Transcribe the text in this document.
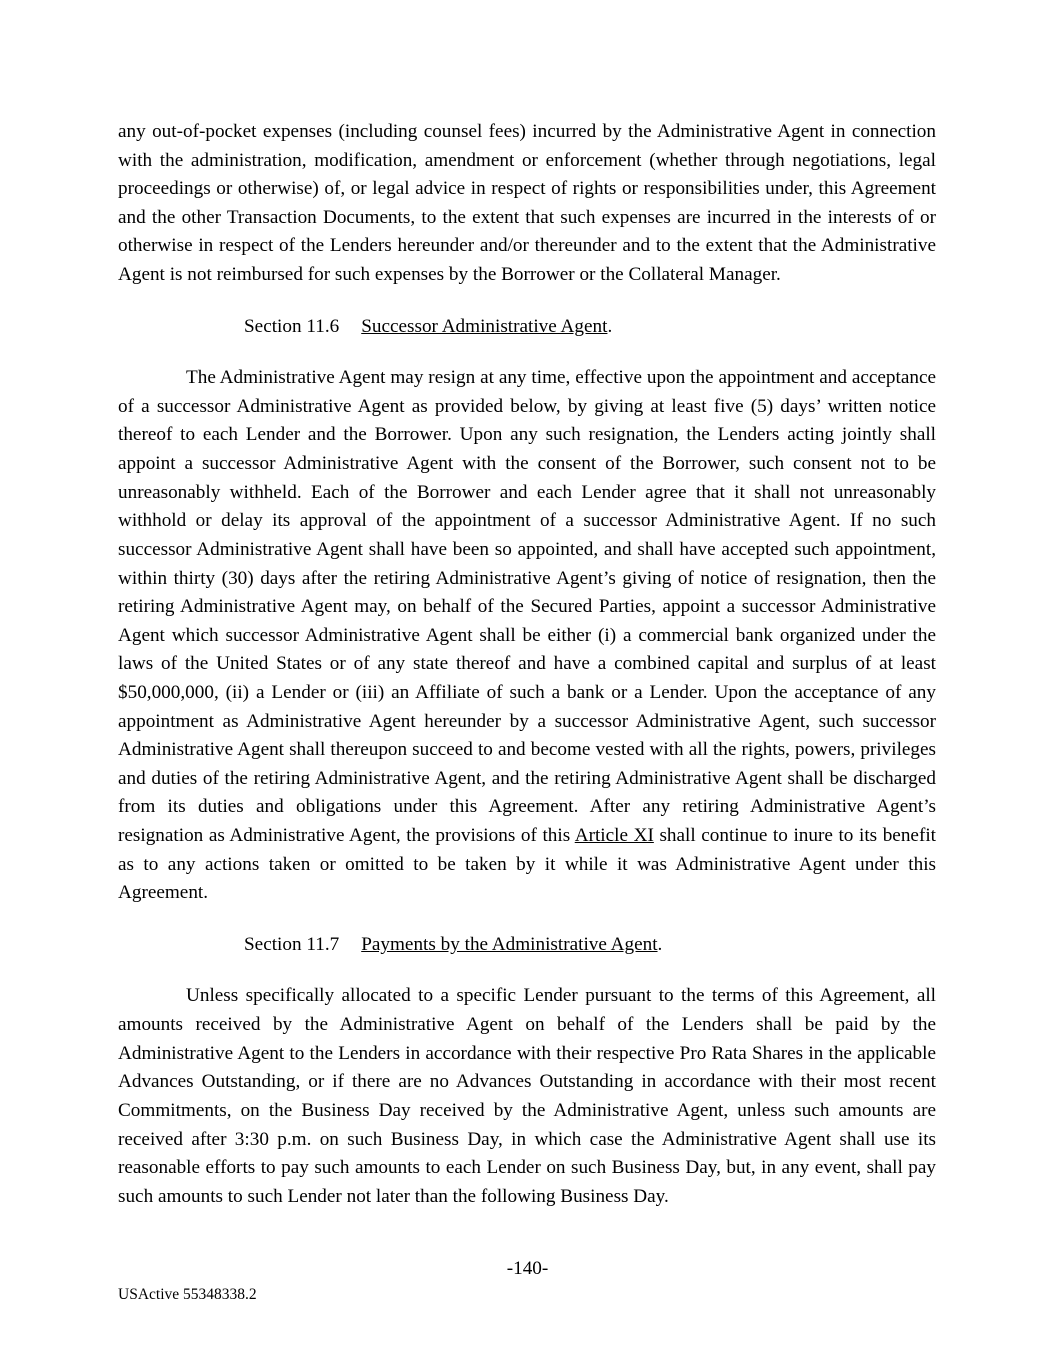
any out-of-pocket expenses (including counsel fees) incurred by the Administrative Agent in connection with the administration, modification, amendment or enforcement (whether through negotiations, legal proceedings or otherwise) of, or legal advice in respect of rights or responsibilities under, this Agreement and the other Transaction Documents, to the extent that such expenses are incurred in the interests of or otherwise in respect of the Lenders hereunder and/or thereunder and to the extent that the Administrative Agent is not reimbursed for such expenses by the Borrower or the Collateral Manager.

Section 11.6 Successor Administrative Agent.

The Administrative Agent may resign at any time, effective upon the appointment and acceptance of a successor Administrative Agent as provided below, by giving at least five (5) days’ written notice thereof to each Lender and the Borrower. Upon any such resignation, the Lenders acting jointly shall appoint a successor Administrative Agent with the consent of the Borrower, such consent not to be unreasonably withheld. Each of the Borrower and each Lender agree that it shall not unreasonably withhold or delay its approval of the appointment of a successor Administrative Agent. If no such successor Administrative Agent shall have been so appointed, and shall have accepted such appointment, within thirty (30) days after the retiring Administrative Agent’s giving of notice of resignation, then the retiring Administrative Agent may, on behalf of the Secured Parties, appoint a successor Administrative Agent which successor Administrative Agent shall be either (i) a commercial bank organized under the laws of the United States or of any state thereof and have a combined capital and surplus of at least $50,000,000, (ii) a Lender or (iii) an Affiliate of such a bank or a Lender. Upon the acceptance of any appointment as Administrative Agent hereunder by a successor Administrative Agent, such successor Administrative Agent shall thereupon succeed to and become vested with all the rights, powers, privileges and duties of the retiring Administrative Agent, and the retiring Administrative Agent shall be discharged from its duties and obligations under this Agreement. After any retiring Administrative Agent’s resignation as Administrative Agent, the provisions of this Article XI shall continue to inure to its benefit as to any actions taken or omitted to be taken by it while it was Administrative Agent under this Agreement.

Section 11.7 Payments by the Administrative Agent.

Unless specifically allocated to a specific Lender pursuant to the terms of this Agreement, all amounts received by the Administrative Agent on behalf of the Lenders shall be paid by the Administrative Agent to the Lenders in accordance with their respective Pro Rata Shares in the applicable Advances Outstanding, or if there are no Advances Outstanding in accordance with their most recent Commitments, on the Business Day received by the Administrative Agent, unless such amounts are received after 3:30 p.m. on such Business Day, in which case the Administrative Agent shall use its reasonable efforts to pay such amounts to each Lender on such Business Day, but, in any event, shall pay such amounts to such Lender not later than the following Business Day.

-140-
USActive 55348338.2
